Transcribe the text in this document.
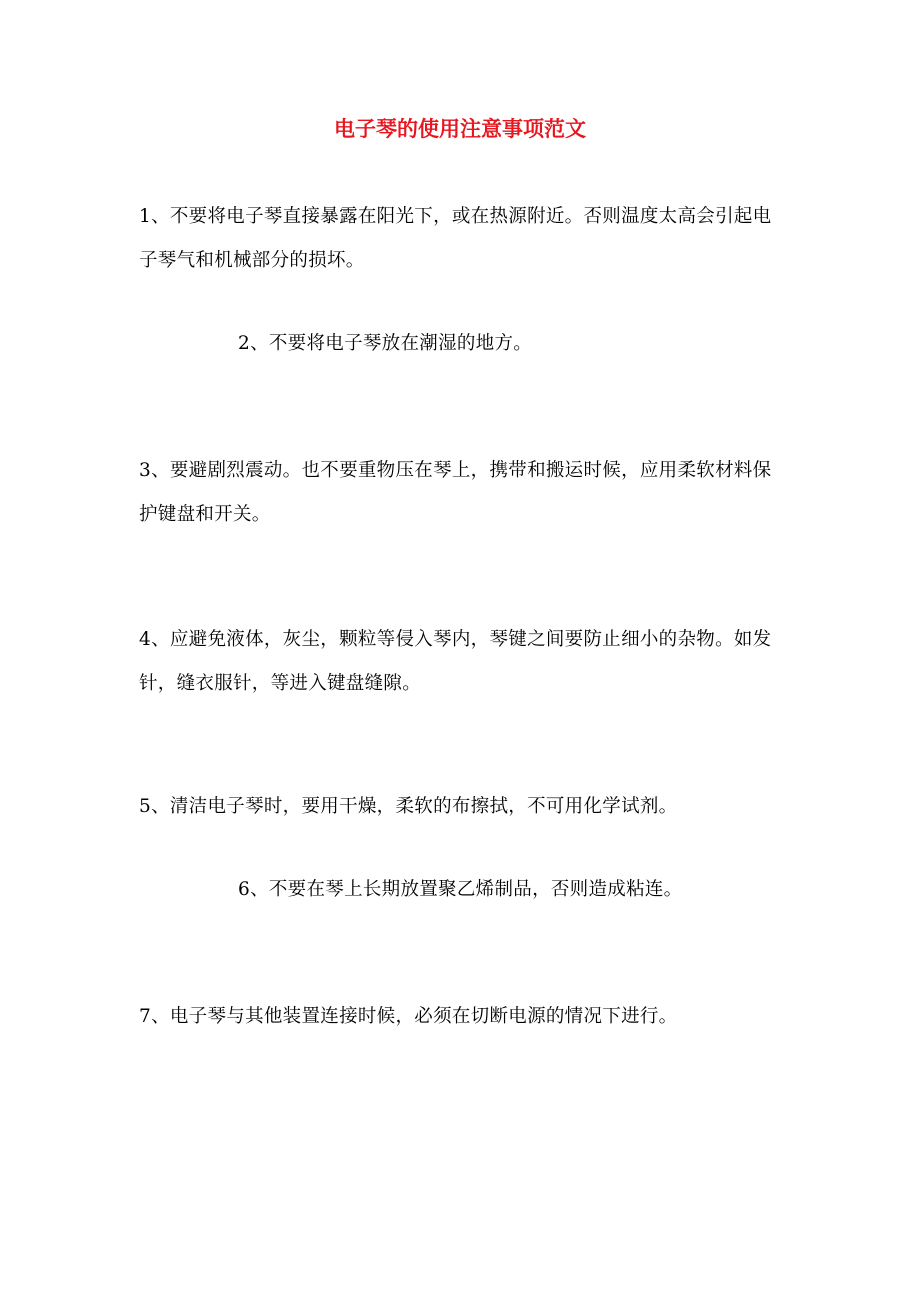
电子琴的使用注意事项范文

1、不要将电子琴直接暴露在阳光下，或在热源附近。否则温度太高会引起电子琴气和机械部分的损坏。

2、不要将电子琴放在潮湿的地方。

3、要避剧烈震动。也不要重物压在琴上，携带和搬运时候，应用柔软材料保护键盘和开关。

4、应避免液体，灰尘，颗粒等侵入琴内，琴键之间要防止细小的杂物。如发针，缝衣服针，等进入键盘缝隙。

5、清洁电子琴时，要用干燥，柔软的布擦拭，不可用化学试剂。

6、不要在琴上长期放置聚乙烯制品，否则造成粘连。

7、电子琴与其他装置连接时候，必须在切断电源的情况下进行。
